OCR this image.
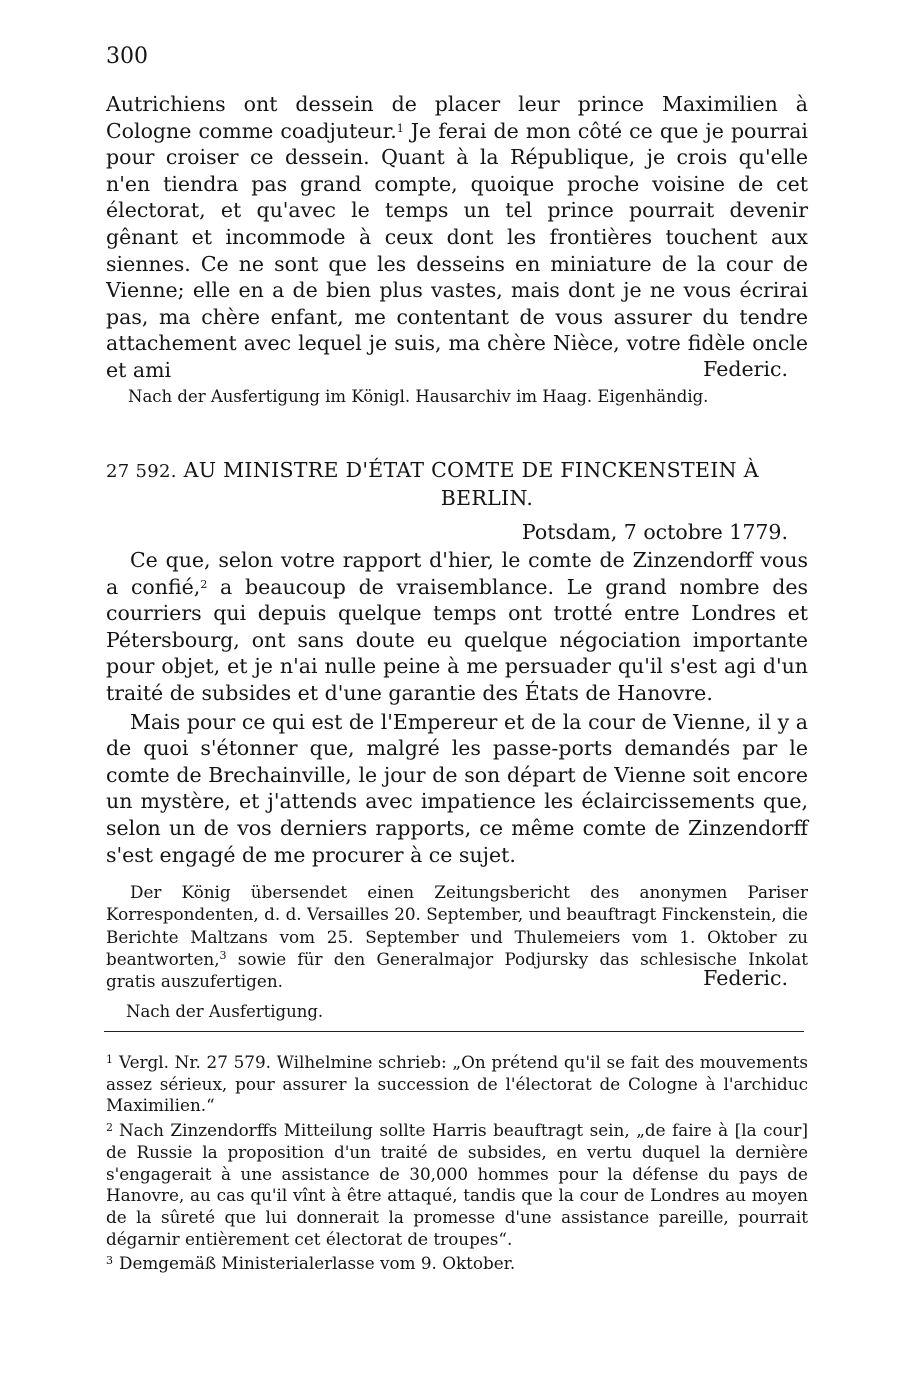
300

Autrichiens ont dessein de placer leur prince Maximilien à Cologne comme coadjuteur.$^1$ Je ferai de mon côté ce que je pourrai pour croiser ce dessein. Quant à la République, je crois qu'elle n'en tiendra pas grand compte, quoique proche voisine de cet électorat, et qu'avec le temps un tel prince pourrait devenir gênant et incommode à ceux dont les frontières touchent aux siennes. Ce ne sont que les desseins en miniature de la cour de Vienne; elle en a de bien plus vastes, mais dont je ne vous écrirai pas, ma chère enfant, me contentant de vous assurer du tendre attachement avec lequel je suis, ma chère Nièce, votre fidèle oncle et ami	Federic.
Nach der Ausfertigung im Königl. Hausarchiv im Haag. Eigenhändig.
27 592. AU MINISTRE D'ÉTAT COMTE DE FINCKENSTEIN À
BERLIN.
Potsdam, 7 octobre 1779.

Ce que, selon votre rapport d'hier, le comte de Zinzendorff vous a confié,$^2$ a beaucoup de vraisemblance. Le grand nombre des courriers qui depuis quelque temps ont trotté entre Londres et Pétersbourg, ont sans doute eu quelque négociation importante pour objet, et je n'ai nulle peine à me persuader qu'il s'est agi d'un traité de subsides et d'une garantie des États de Hanovre.

Mais pour ce qui est de l'Empereur et de la cour de Vienne, il y a de quoi s'étonner que, malgré les passe-ports demandés par le comte de Brechainville, le jour de son départ de Vienne soit encore un mystère, et j'attends avec impatience les éclaircissements que, selon un de vos derniers rapports, ce même comte de Zinzendorff s'est engagé de me procurer à ce sujet.

Der König übersendet einen Zeitungsbericht des anonymen Pariser Korrespondenten, d. d. Versailles 20. September, und beauftragt Finckenstein, die Berichte Maltzans vom 25. September und Thulemeiers vom 1. Oktober zu beantworten,$^3$ sowie für den Generalmajor Podjursky das schlesische Inkolat gratis auszufertigen.	Federic.
Nach der Ausfertigung.

$^1$ Vergl. Nr. 27 579. Wilhelmine schrieb: „On prétend qu'il se fait des mouvements assez sérieux, pour assurer la succession de l'électorat de Cologne à l'archiduc Maximilien.“

$^2$ Nach Zinzendorffs Mitteilung sollte Harris beauftragt sein, „de faire à [la cour] de Russie la proposition d'un traité de subsides, en vertu duquel la dernière s'engagerait à une assistance de 30,000 hommes pour la défense du pays de Hanovre, au cas qu'il vînt à être attaqué, tandis que la cour de Londres au moyen de la sûreté que lui donnerait la promesse d'une assistance pareille, pourrait dégarnir entièrement cet électorat de troupes“.

$^3$ Demgemäß Ministerialerlasse vom 9. Oktober.
